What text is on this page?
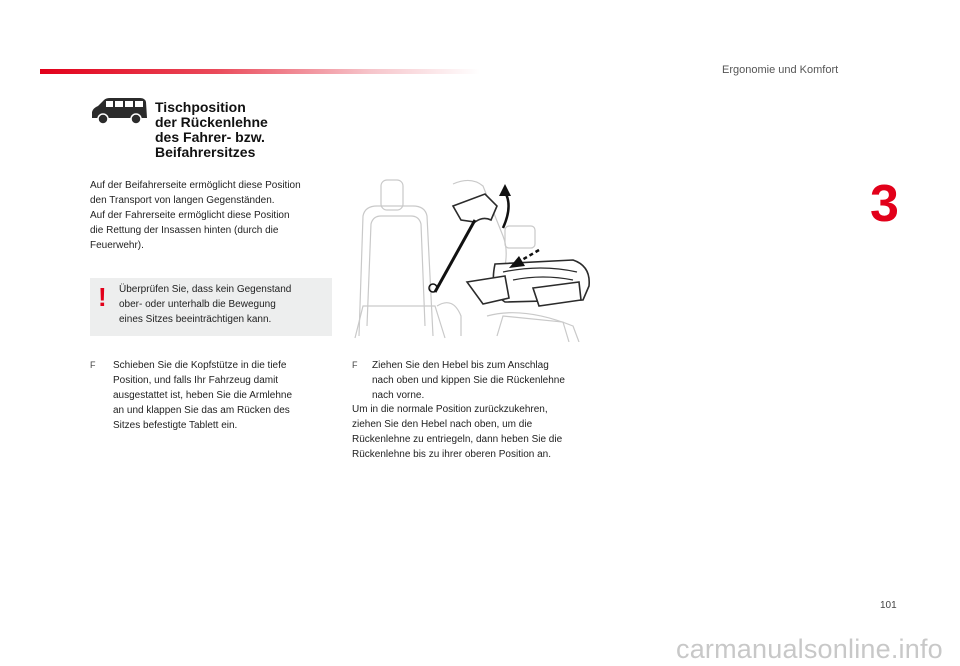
Ergonomie und Komfort
3
Tischposition
der Rückenlehne
des Fahrer- bzw.
Beifahrersitzes
Auf der Beifahrerseite ermöglicht diese Position
den Transport von langen Gegenständen.
Auf der Fahrerseite ermöglicht diese Position
die Rettung der Insassen hinten (durch die
Feuerwehr).
! Überprüfen Sie, dass kein Gegenstand
ober- oder unterhalb die Bewegung
eines Sitzes beeinträchtigen kann.
F Schieben Sie die Kopfstütze in die tiefe
Position, und falls Ihr Fahrzeug damit
ausgestattet ist, heben Sie die Armlehne
an und klappen Sie das am Rücken des
Sitzes befestigte Tablett ein.
F Ziehen Sie den Hebel bis zum Anschlag
nach oben und kippen Sie die Rückenlehne
nach vorne.
Um in die normale Position zurückzukehren,
ziehen Sie den Hebel nach oben, um die
Rückenlehne zu entriegeln, dann heben Sie die
Rückenlehne bis zu ihrer oberen Position an.
101
carmanualsonline.info
